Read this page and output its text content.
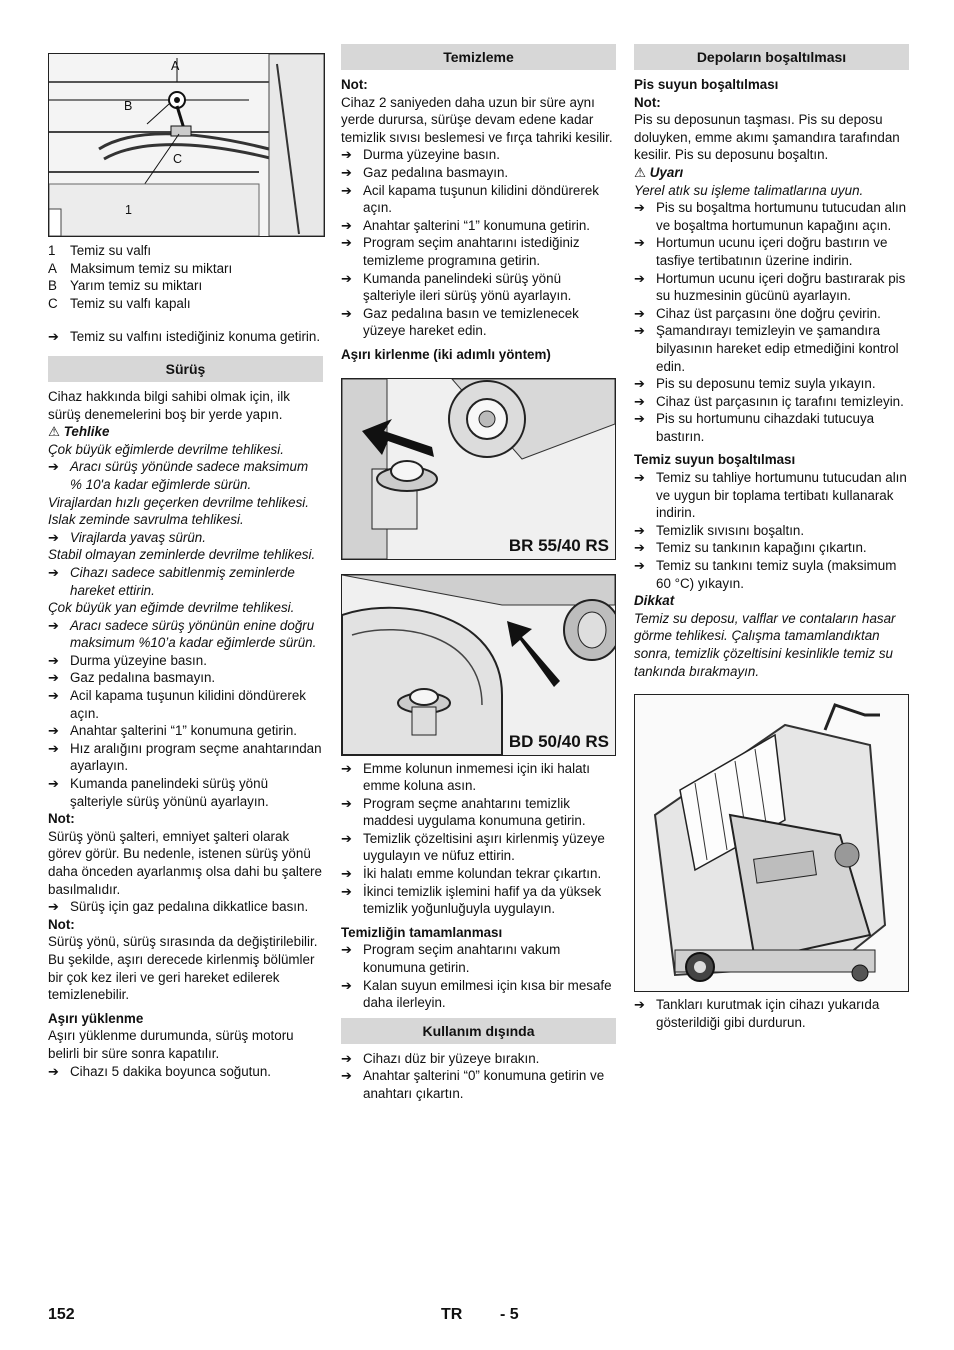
A
B
C
1
1	Temiz su valfı
A Maksimum temiz su miktarı
B Yarım temiz su miktarı
C Temiz su valfı kapalı
➔ Temiz su valfını istediğiniz konuma getirin.
Sürüş

Cihaz hakkında bilgi sahibi olmak için, ilk sürüş denemelerini boş bir yerde yapın.

⚠ Tehlike

Çok büyük eğimlerde devrilme tehlikesi.

➔ Aracı sürüş yönünde sadece maksimum % 10'a kadar eğimlerde sürün.

Virajlardan hızlı geçerken devrilme tehlikesi.

Islak zeminde savrulma tehlikesi.

➔ Virajlarda yavaş sürün.

Stabil olmayan zeminlerde devrilme tehlikesi.

➔ Cihazı sadece sabitlenmiş zeminlerde hareket ettirin.

Çok büyük yan eğimde devrilme tehlikesi.

➔ Aracı sadece sürüş yönünün enine doğru maksimum %10’a kadar eğimlerde sürün.
➔ Durma yüzeyine basın.
➔ Gaz pedalına basmayın.
➔ Acil kapama tuşunun kilidini döndürerek açın.
➔ Anahtar şalterini “1” konumuna getirin.
➔ Hız aralığını program seçme anahtarından ayarlayın.
➔ Kumanda panelindeki sürüş yönü şalteriyle sürüş yönünü ayarlayın.

Not:

Sürüş yönü şalteri, emniyet şalteri olarak görev görür. Bu nedenle, istenen sürüş yönü daha önceden ayarlanmış olsa dahi bu şaltere basılmalıdır.

➔ Sürüş için gaz pedalına dikkatlice basın.

Not:

Sürüş yönü, sürüş sırasında da değiştirilebilir. Bu şekilde, aşırı derecede kirlenmiş bölümler bir çok kez ileri ve geri hareket edilerek temizlenebilir.

Aşırı yüklenme

Aşırı yüklenme durumunda, sürüş motoru belirli bir süre sonra kapatılır.

➔ Cihazı 5 dakika boyunca soğutun.
Temizleme

Not:

Cihaz 2 saniyeden daha uzun bir süre aynı yerde durursa, sürüşe devam edene kadar temizlik sıvısı beslemesi ve fırça tahriki kesilir.

➔ Durma yüzeyine basın.
➔ Gaz pedalına basmayın.
➔ Acil kapama tuşunun kilidini döndürerek açın.
➔ Anahtar şalterini “1” konumuna getirin.
➔ Program seçim anahtarını istediğiniz temizleme programına getirin.
➔ Kumanda panelindeki sürüş yönü şalteriyle ileri sürüş yönü ayarlayın.
➔ Gaz pedalına basın ve temizlenecek yüzeye hareket edin.

Aşırı kirlenme (iki adımlı yöntem)

BR 55/40 RS
BD 50/40 RS
➔ Emme kolunun inmemesi için iki halatı emme koluna asın.
➔ Program seçme anahtarını temizlik maddesi uygulama konumuna getirin.
➔ Temizlik çözeltisini aşırı kirlenmiş yüzeye uygulayın ve nüfuz ettirin.
➔ İki halatı emme kolundan tekrar çıkartın.
➔ İkinci temizlik işlemini hafif ya da yüksek temizlik yoğunluğuyla uygulayın.

Temizliğin tamamlanması

➔ Program seçim anahtarını vakum konumuna getirin.
➔ Kalan suyun emilmesi için kısa bir mesafe daha ilerleyin.
Kullanım dışında
➔ Cihazı düz bir yüzeye bırakın.
➔ Anahtar şalterini “0” konumuna getirin ve anahtarı çıkartın.
Depoların boşaltılması

Pis suyun boşaltılması

Not:

Pis su deposunun taşması. Pis su deposu doluyken, emme akımı şamandıra tarafından kesilir. Pis su deposunu boşaltın.

⚠ Uyarı

Yerel atık su işleme talimatlarına uyun.

➔ Pis su boşaltma hortumunu tutucudan alın ve boşaltma hortumunun kapağını açın.
➔ Hortumun ucunu içeri doğru bastırın ve tasfiye tertibatının üzerine indirin.
➔ Hortumun ucunu içeri doğru bastırarak pis su huzmesinin gücünü ayarlayın.
➔ Cihaz üst parçasını öne doğru çevirin.
➔ Şamandırayı temizleyin ve şamandıra bilyasının hareket edip etmediğini kontrol edin.
➔ Pis su deposunu temiz suyla yıkayın.
➔ Cihaz üst parçasının iç tarafını temizleyin.
➔ Pis su hortumunu cihazdaki tutucuya bastırın.

Temiz suyun boşaltılması

➔ Temiz su tahliye hortumunu tutucudan alın ve uygun bir toplama tertibatı kullanarak indirin.
➔ Temizlik sıvısını boşaltın.
➔ Temiz su tankının kapağını çıkartın.
➔ Temiz su tankını temiz suyla (maksimum 60 °C) yıkayın.

Dikkat

Temiz su deposu, valflar ve contaların hasar görme tehlikesi. Çalışma tamamlandıktan sonra, temizlik çözeltisini kesinlikle temiz su tankında bırakmayın.

➔ Tankları kurutmak için cihazı yukarıda gösterildiği gibi durdurun.
152	TR - 5
